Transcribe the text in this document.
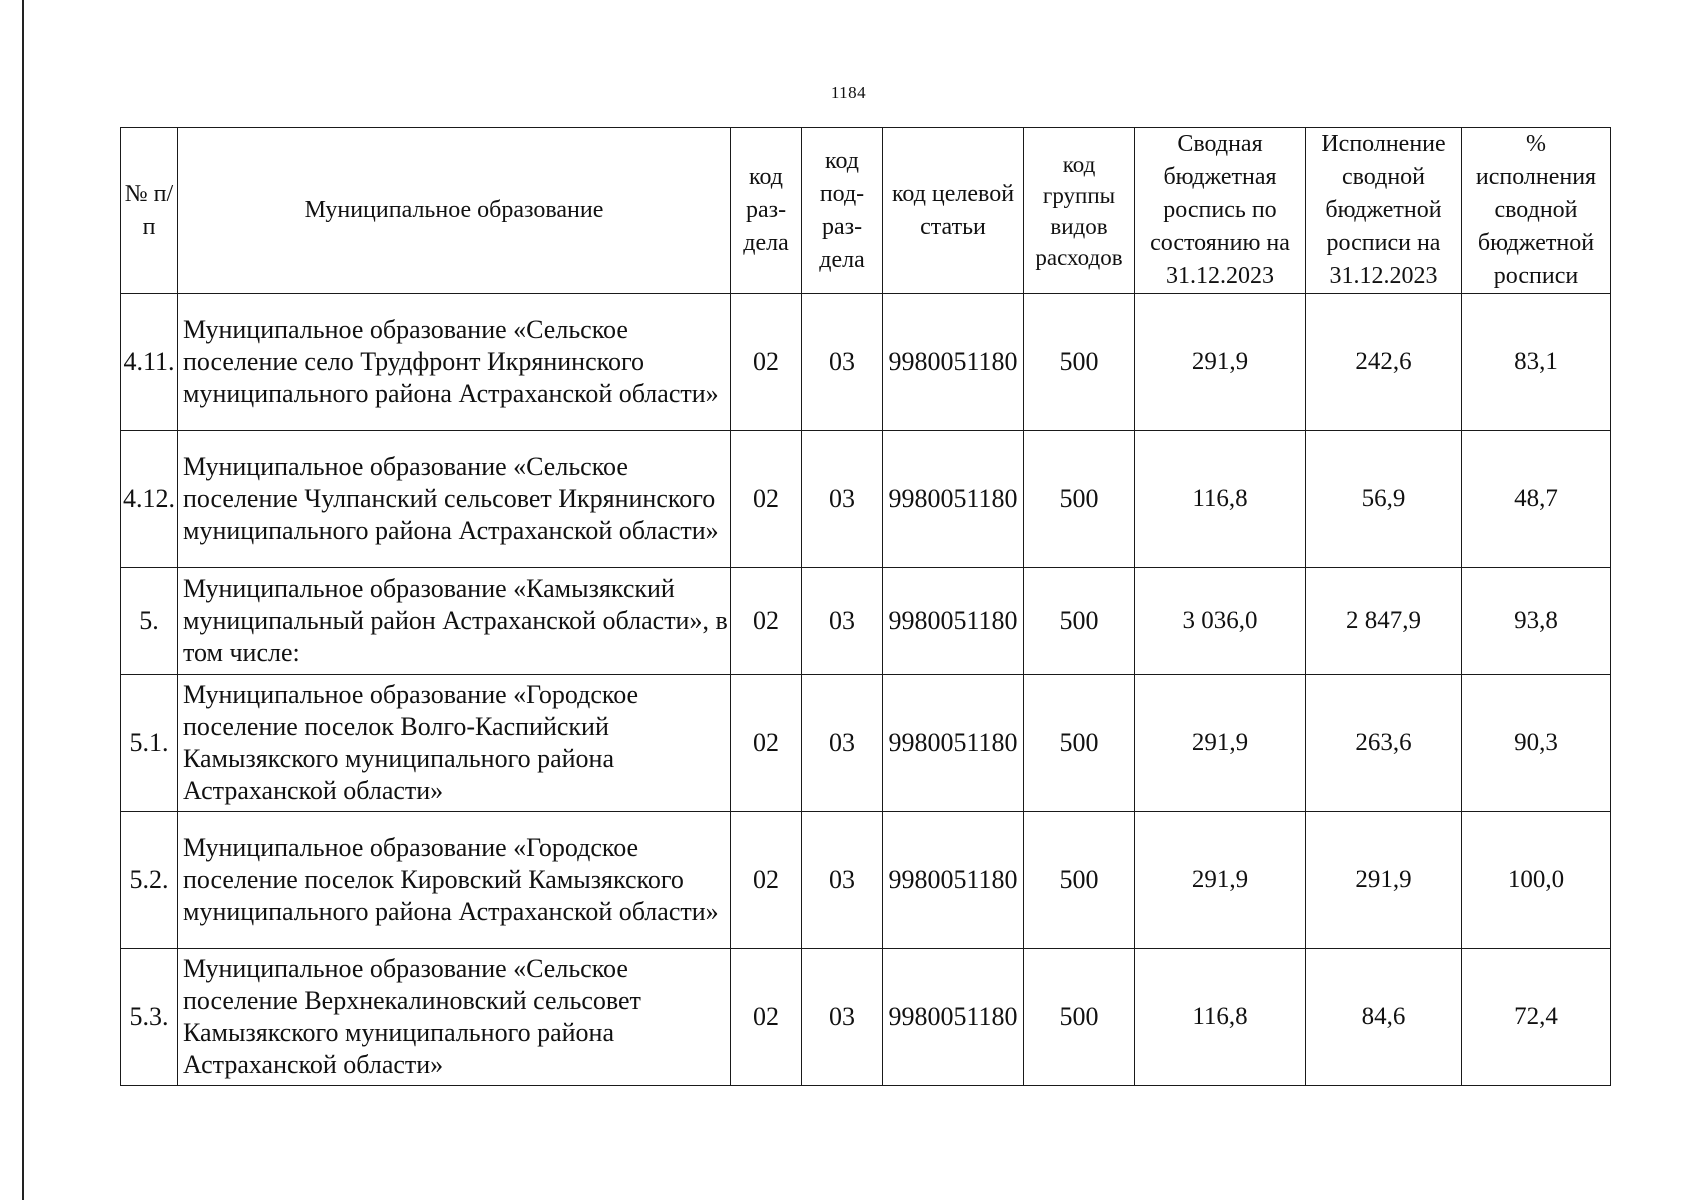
1184
№ п/п	Муниципальное образование	код раз-дела	код под-раз-дела	код целевой статьи	код группы видов расходов	Сводная бюджетная роспись по состоянию на 31.12.2023	Исполнение сводной бюджетной росписи на 31.12.2023	% исполнения сводной бюджетной росписи
4.11.	Муниципальное образование «Сельское поселение село Трудфронт Икрянинского муниципального района Астраханской области»	02	03	9980051180	500	291,9	242,6	83,1
4.12.	Муниципальное образование «Сельское поселение Чулпанский сельсовет Икрянинского муниципального района Астраханской области»	02	03	9980051180	500	116,8	56,9	48,7
5.	Муниципальное образование «Камызякский муниципальный район Астраханской области», в том числе:	02	03	9980051180	500	3 036,0	2 847,9	93,8
5.1.	Муниципальное образование «Городское поселение поселок Волго-Каспийский Камызякского муниципального района Астраханской области»	02	03	9980051180	500	291,9	263,6	90,3
5.2.	Муниципальное образование «Городское поселение поселок Кировский Камызякского муниципального района Астраханской области»	02	03	9980051180	500	291,9	291,9	100,0
5.3.	Муниципальное образование «Сельское поселение Верхнекалиновский сельсовет Камызякского муниципального района Астраханской области»	02	03	9980051180	500	116,8	84,6	72,4
